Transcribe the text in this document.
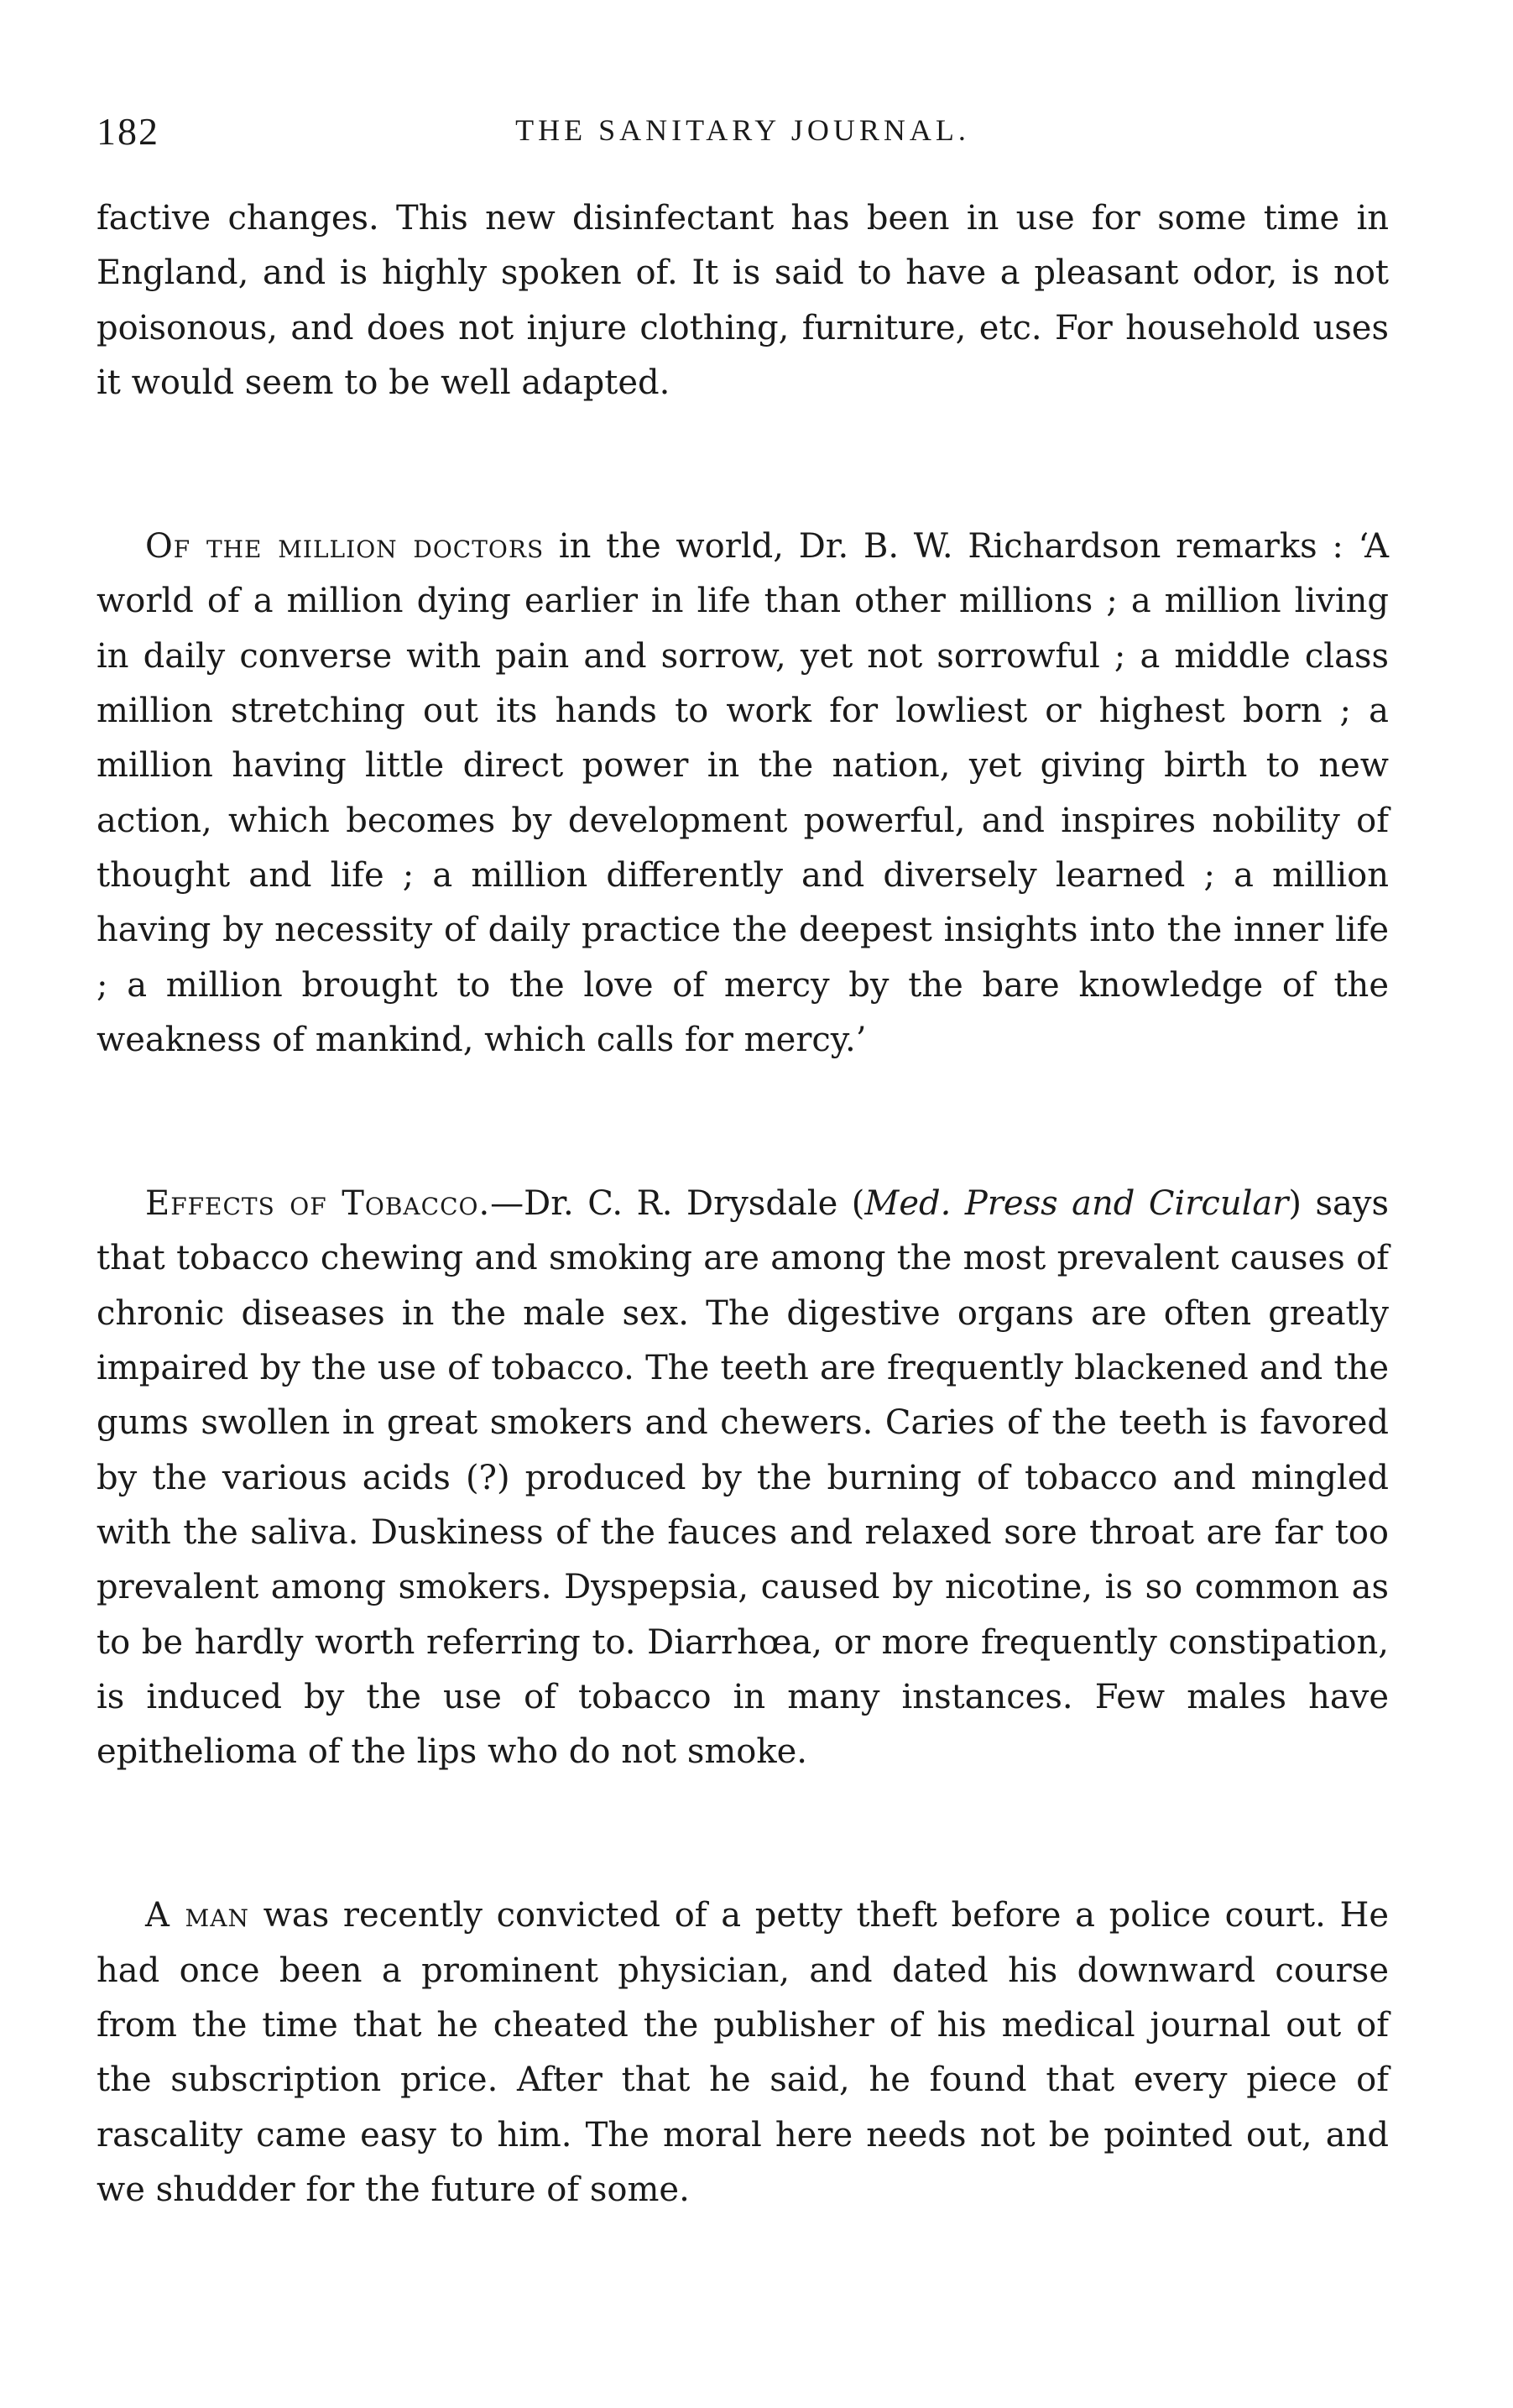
182	THE SANITARY JOURNAL.

factive changes. This new disinfectant has been in use for some time in England, and is highly spoken of. It is said to have a pleasant odor, is not poisonous, and does not injure clothing, furniture, etc. For household uses it would seem to be well adapted.

Of the million doctors in the world, Dr. B. W. Richardson remarks : ‘A world of a million dying earlier in life than other millions ; a million living in daily converse with pain and sorrow, yet not sorrowful ; a middle class million stretching out its hands to work for lowliest or highest born ; a million having little direct power in the nation, yet giving birth to new action, which becomes by development powerful, and inspires nobility of thought and life ; a million differently and diversely learned ; a million having by necessity of daily practice the deepest insights into the inner life ; a million brought to the love of mercy by the bare knowledge of the weakness of mankind, which calls for mercy.’

Effects of Tobacco.—Dr. C. R. Drysdale (Med. Press and Circular) says that tobacco chewing and smoking are among the most prevalent causes of chronic diseases in the male sex. The digestive organs are often greatly impaired by the use of tobacco. The teeth are frequently blackened and the gums swollen in great smokers and chewers. Caries of the teeth is favored by the various acids (?) produced by the burning of tobacco and mingled with the saliva. Duskiness of the fauces and relaxed sore throat are far too prevalent among smokers. Dyspepsia, caused by nicotine, is so common as to be hardly worth referring to. Diarrhœa, or more frequently constipation, is induced by the use of tobacco in many instances. Few males have epithelioma of the lips who do not smoke.

A man was recently convicted of a petty theft before a police court. He had once been a prominent physician, and dated his downward course from the time that he cheated the publisher of his medical journal out of the subscription price. After that he said, he found that every piece of rascality came easy to him. The moral here needs not be pointed out, and we shudder for the future of some.
